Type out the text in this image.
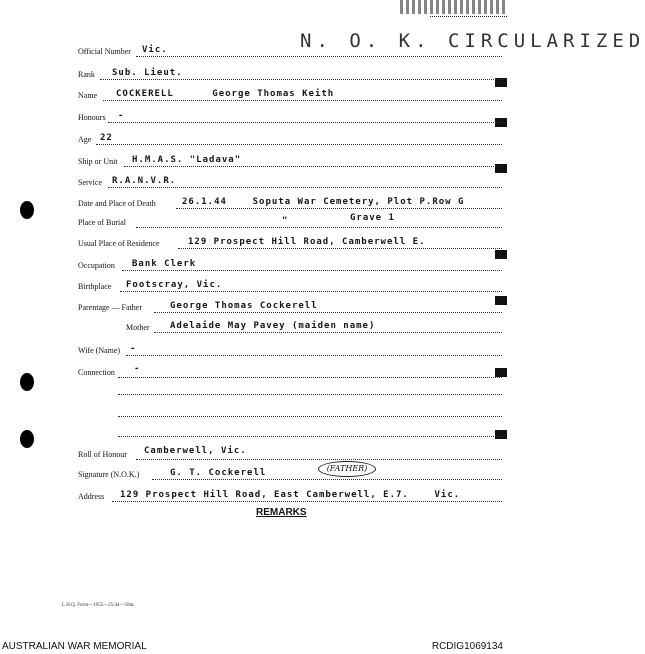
N. O. K. CIRCULARIZED
Official Number Vic.
Rank Sub. Lieut.
Name COCKERELL      George Thomas Keith
Honours -
Age 22
Ship or Unit H.M.A.S. "Ladava"
Service R.A.N.V.R.
Date and Place of Death	26.1.44    Soputa War Cemetery, Plot P.Row G
Place of Burial	"	Grave 1
Usual Place of Residence	129 Prospect Hill Road, Camberwell E.
Occupation Bank Clerk
Birthplace Footscray, Vic.
Parentage — Father	George Thomas Cockerell
Mother Adelaide May Pavey (maiden name)
Wife (Name) -
Connection -
Roll of Honour Camberwell, Vic.
Signature (N.O.K.)	G. T. Cockerell	(FATHER)
Address 129 Prospect Hill Road, East Camberwell, E.7.    Vic.
REMARKS
L.H.Q. Form—1955—25/44—50m.
AUSTRALIAN WAR MEMORIAL	RCDIG1069134
